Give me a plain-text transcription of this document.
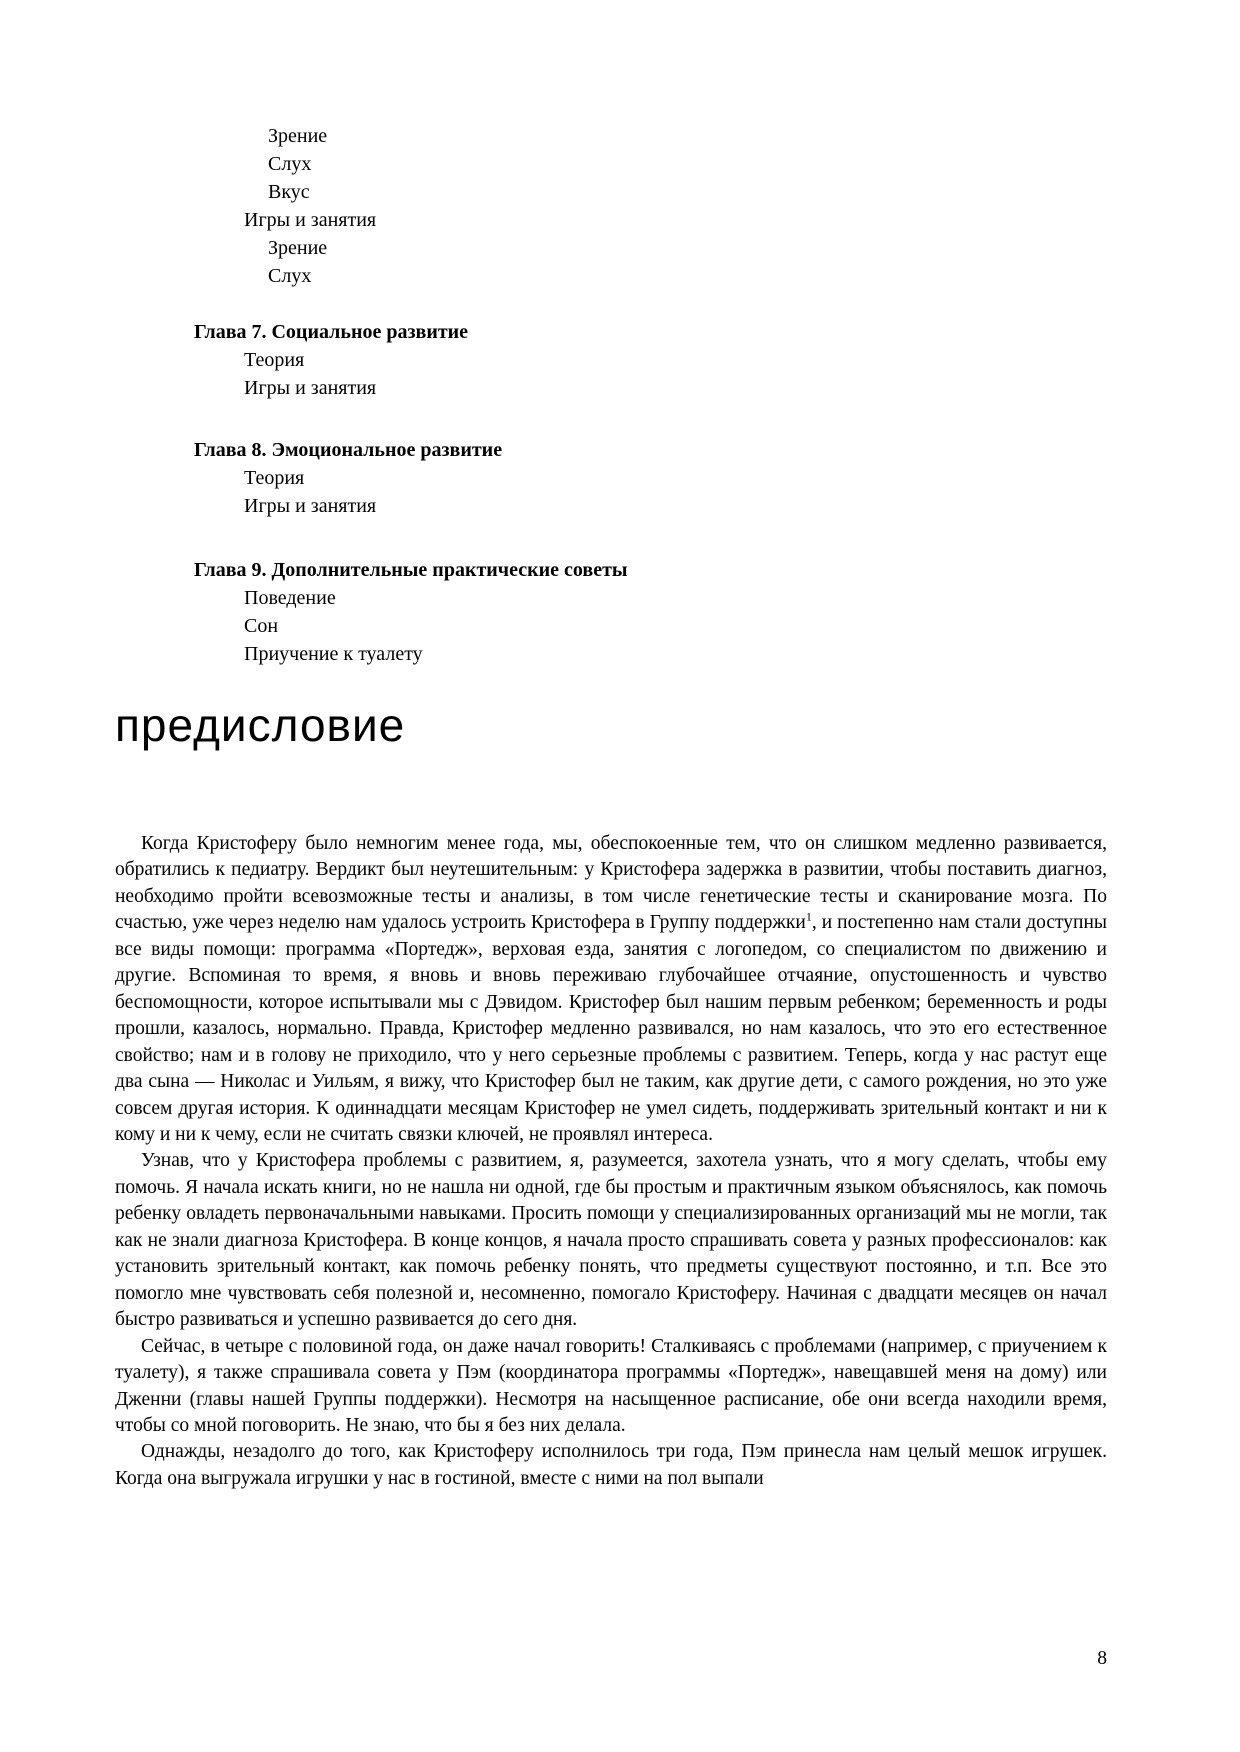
Зрение
Слух
Вкус
Игры и занятия
Зрение
Слух
Глава 7. Социальное развитие
Теория
Игры и занятия
Глава 8. Эмоциональное развитие
Теория
Игры и занятия
Глава 9. Дополнительные практические советы
Поведение
Сон
Приучение к туалету
предисловие

Когда Кристоферу было немногим менее года, мы, обеспокоенные тем, что он слишком медленно развивается, обратились к педиатру. Вердикт был неутешительным: у Кристофера задержка в развитии, чтобы поставить диагноз, необходимо пройти всевозможные тесты и анализы, в том числе генетические тесты и сканирование мозга. По счастью, уже через неделю нам удалось устроить Кристофера в Группу поддержки$^1$, и постепенно нам стали доступны все виды помощи: программа «Портедж», верховая езда, занятия с логопедом, со специалистом по движению и другие. Вспоминая то время, я вновь и вновь переживаю глубочайшее отчаяние, опустошенность и чувство беспомощности, которое испытывали мы с Дэвидом. Кристофер был нашим первым ребенком; беременность и роды прошли, казалось, нормально. Правда, Кристофер медленно развивался, но нам казалось, что это его естественное свойство; нам и в голову не приходило, что у него серьезные проблемы с развитием. Теперь, когда у нас растут еще два сына — Николас и Уильям, я вижу, что Кристофер был не таким, как другие дети, с самого рождения, но это уже совсем другая история. К одиннадцати месяцам Кристофер не умел сидеть, поддерживать зрительный контакт и ни к кому и ни к чему, если не считать связки ключей, не проявлял интереса.

Узнав, что у Кристофера проблемы с развитием, я, разумеется, захотела узнать, что я могу сделать, чтобы ему помочь. Я начала искать книги, но не нашла ни одной, где бы простым и практичным языком объяснялось, как помочь ребенку овладеть первоначальными навыками. Просить помощи у специализированных организаций мы не могли, так как не знали диагноза Кристофера. В конце концов, я начала просто спрашивать совета у разных профессионалов: как установить зрительный контакт, как помочь ребенку понять, что предметы существуют постоянно, и т.п. Все это помогло мне чувствовать себя полезной и, несомненно, помогало Кристоферу. Начиная с двадцати месяцев он начал быстро развиваться и успешно развивается до сего дня.

Сейчас, в четыре с половиной года, он даже начал говорить! Сталкиваясь с проблемами (например, с приучением к туалету), я также спрашивала совета у Пэм (координатора программы «Портедж», навещавшей меня на дому) или Дженни (главы нашей Группы поддержки). Несмотря на насыщенное расписание, обе они всегда находили время, чтобы со мной поговорить. Не знаю, что бы я без них делала.

Однажды, незадолго до того, как Кристоферу исполнилось три года, Пэм принесла нам целый мешок игрушек. Когда она выгружала игрушки у нас в гостиной, вместе с ними на пол выпали

8
